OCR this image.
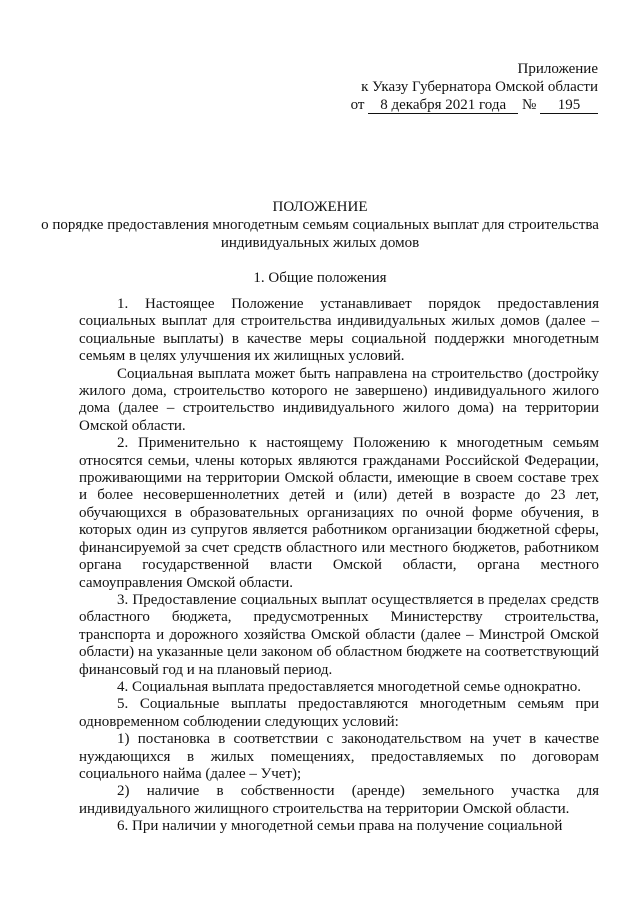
Приложение
к Указу Губернатора Омской области
от 8 декабря 2021 года № 195
ПОЛОЖЕНИЕ
о порядке предоставления многодетным семьям социальных выплат для строительства индивидуальных жилых домов
1. Общие положения

1. Настоящее Положение устанавливает порядок предоставления социальных выплат для строительства индивидуальных жилых домов (далее – социальные выплаты) в качестве меры социальной поддержки многодетным семьям в целях улучшения их жилищных условий.

Социальная выплата может быть направлена на строительство (достройку жилого дома, строительство которого не завершено) индивидуального жилого дома (далее – строительство индивидуального жилого дома) на территории Омской области.

2. Применительно к настоящему Положению к многодетным семьям относятся семьи, члены которых являются гражданами Российской Федерации, проживающими на территории Омской области, имеющие в своем составе трех и более несовершеннолетних детей и (или) детей в возрасте до 23 лет, обучающихся в образовательных организациях по очной форме обучения, в которых один из супругов является работником организации бюджетной сферы, финансируемой за счет средств областного или местного бюджетов, работником органа государственной власти Омской области, органа местного самоуправления Омской области.

3. Предоставление социальных выплат осуществляется в пределах средств областного бюджета, предусмотренных Министерству строительства, транспорта и дорожного хозяйства Омской области (далее – Минстрой Омской области) на указанные цели законом об областном бюджете на соответствующий финансовый год и на плановый период.

4. Социальная выплата предоставляется многодетной семье однократно.

5. Социальные выплаты предоставляются многодетным семьям при одновременном соблюдении следующих условий:

1) постановка в соответствии с законодательством на учет в качестве нуждающихся в жилых помещениях, предоставляемых по договорам социального найма (далее – Учет);

2) наличие в собственности (аренде) земельного участка для индивидуального жилищного строительства на территории Омской области.

6. При наличии у многодетной семьи права на получение социальной
